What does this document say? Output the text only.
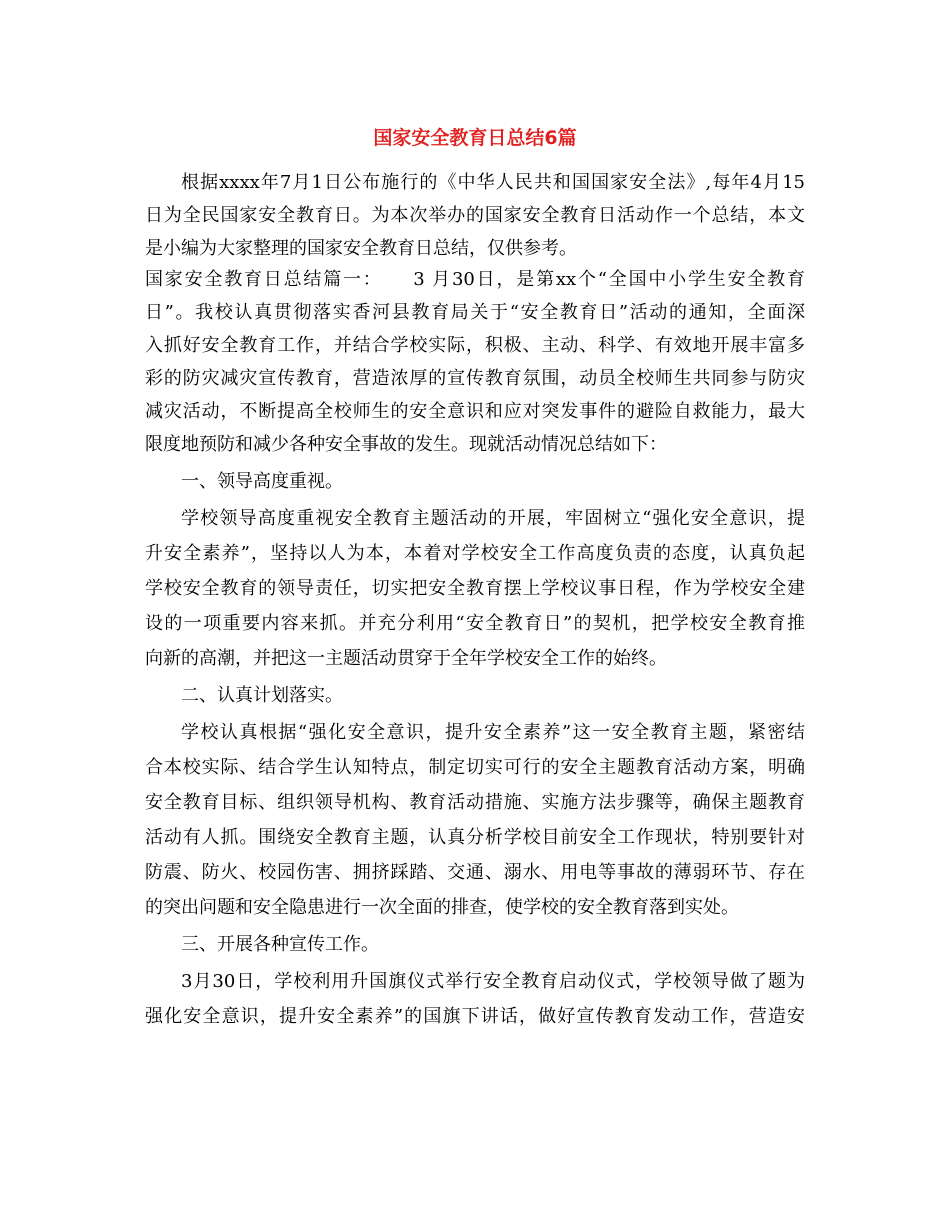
国家安全教育日总结6篇
根据xxxx年7月1日公布施行的《中华人民共和国国家安全法》,每年4月15
日为全民国家安全教育日。为本次举办的国家安全教育日活动作一个总结，本文
是小编为大家整理的国家安全教育日总结，仅供参考。
国家安全教育日总结篇一：　　3 月30日，是第xx个“全国中小学生安全教育
日”。我校认真贯彻落实香河县教育局关于“安全教育日”活动的通知，全面深
入抓好安全教育工作，并结合学校实际，积极、主动、科学、有效地开展丰富多
彩的防灾减灾宣传教育，营造浓厚的宣传教育氛围，动员全校师生共同参与防灾
减灾活动，不断提高全校师生的安全意识和应对突发事件的避险自救能力，最大
限度地预防和减少各种安全事故的发生。现就活动情况总结如下：
一、领导高度重视。
学校领导高度重视安全教育主题活动的开展，牢固树立“强化安全意识，提
升安全素养”，坚持以人为本，本着对学校安全工作高度负责的态度，认真负起
学校安全教育的领导责任，切实把安全教育摆上学校议事日程，作为学校安全建
设的一项重要内容来抓。并充分利用“安全教育日”的契机，把学校安全教育推
向新的高潮，并把这一主题活动贯穿于全年学校安全工作的始终。
二、认真计划落实。
学校认真根据“强化安全意识，提升安全素养”这一安全教育主题，紧密结
合本校实际、结合学生认知特点，制定切实可行的安全主题教育活动方案，明确
安全教育目标、组织领导机构、教育活动措施、实施方法步骤等，确保主题教育
活动有人抓。围绕安全教育主题，认真分析学校目前安全工作现状，特别要针对
防震、防火、校园伤害、拥挤踩踏、交通、溺水、用电等事故的薄弱环节、存在
的突出问题和安全隐患进行一次全面的排查，使学校的安全教育落到实处。
三、开展各种宣传工作。
3月30日，学校利用升国旗仪式举行安全教育启动仪式，学校领导做了题为
强化安全意识，提升安全素养”的国旗下讲话，做好宣传教育发动工作，营造安
